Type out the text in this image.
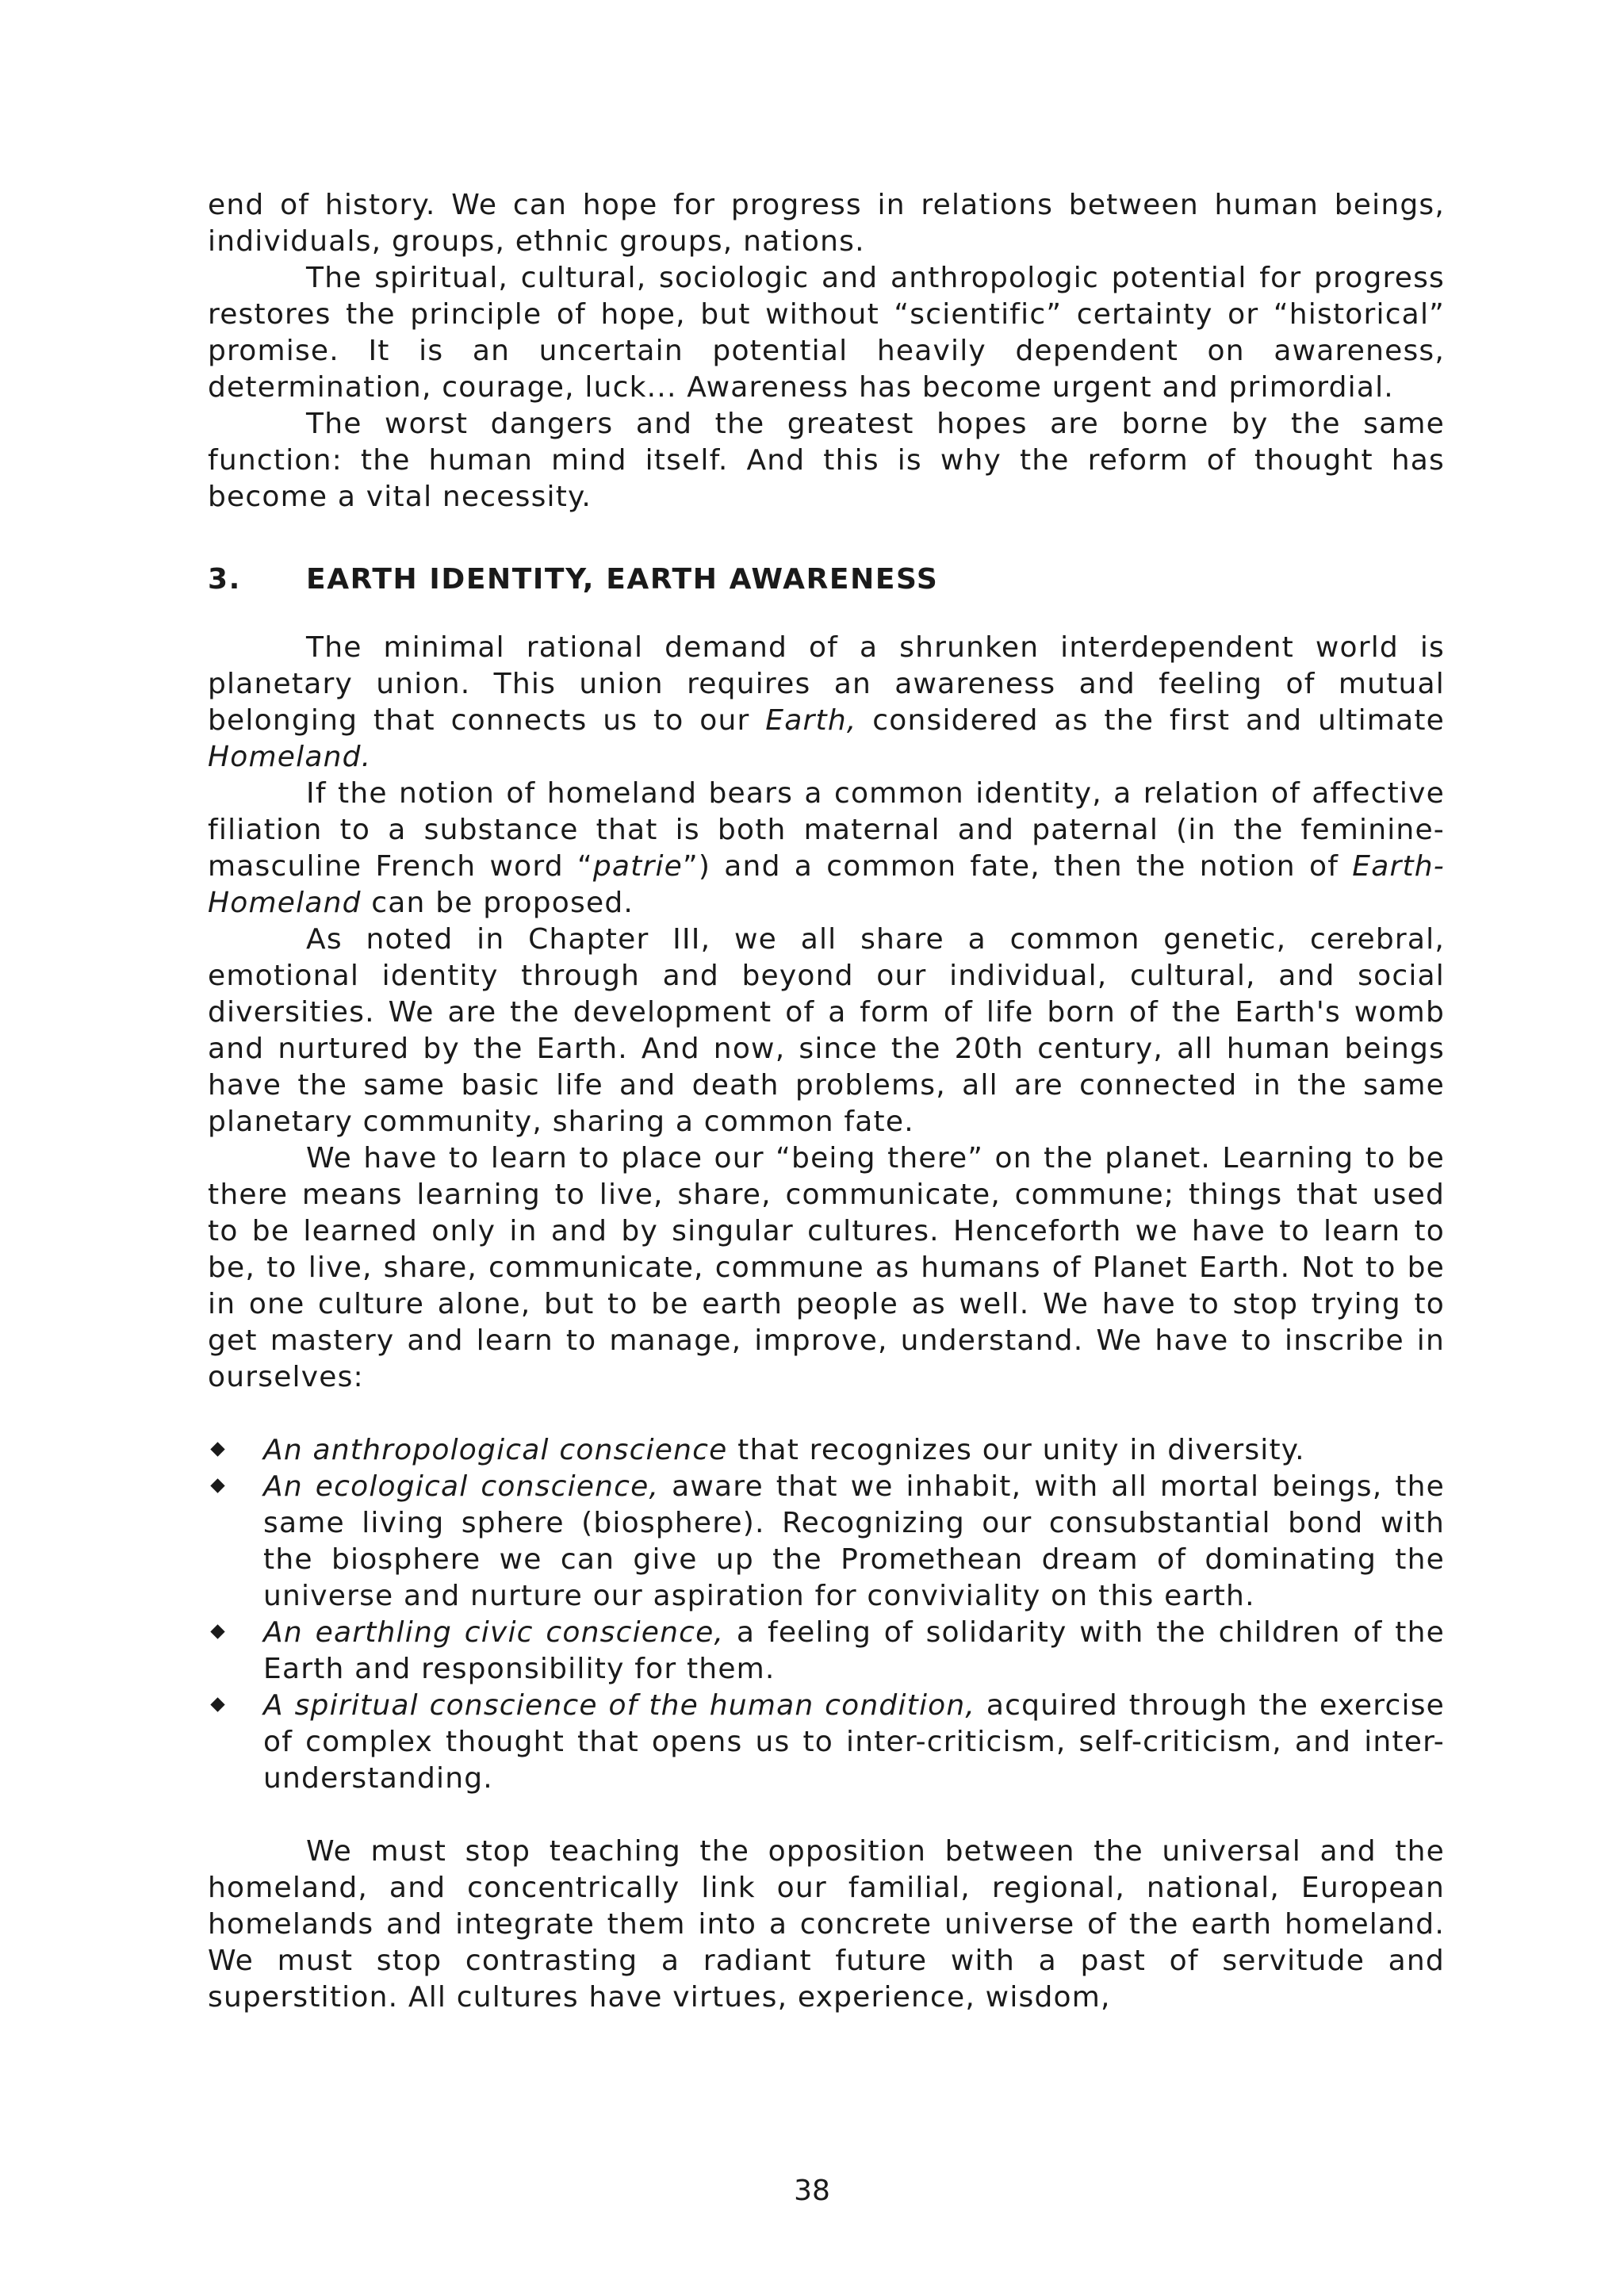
end of history. We can hope for progress in relations between human beings, individuals, groups, ethnic groups, nations.

The spiritual, cultural, sociologic and anthropologic potential for progress restores the principle of hope, but without “scientific” certainty or “historical” promise. It is an uncertain potential heavily dependent on awareness, determination, courage, luck... Awareness has become urgent and primordial.

The worst dangers and the greatest hopes are borne by the same function: the human mind itself. And this is why the reform of thought has become a vital necessity.

3.	EARTH IDENTITY, EARTH AWARENESS

The minimal rational demand of a shrunken interdependent world is planetary union. This union requires an awareness and feeling of mutual belonging that connects us to our Earth, considered as the first and ultimate Homeland.

If the notion of homeland bears a common identity, a relation of affective filiation to a substance that is both maternal and paternal (in the feminine-masculine French word “patrie”) and a common fate, then the notion of Earth-Homeland can be proposed.

As noted in Chapter III, we all share a common genetic, cerebral, emotional identity through and beyond our individual, cultural, and social diversities. We are the development of a form of life born of the Earth's womb and nurtured by the Earth. And now, since the 20th century, all human beings have the same basic life and death problems, all are connected in the same planetary community, sharing a common fate.

We have to learn to place our “being there” on the planet. Learning to be there means learning to live, share, communicate, commune; things that used to be learned only in and by singular cultures. Henceforth we have to learn to be, to live, share, communicate, commune as humans of Planet Earth. Not to be in one culture alone, but to be earth people as well. We have to stop trying to get mastery and learn to manage, improve, understand. We have to inscribe in ourselves:

An anthropological conscience that recognizes our unity in diversity.
An ecological conscience, aware that we inhabit, with all mortal beings, the same living sphere (biosphere). Recognizing our consubstantial bond with the biosphere we can give up the Promethean dream of dominating the universe and nurture our aspiration for conviviality on this earth.
An earthling civic conscience, a feeling of solidarity with the children of the Earth and responsibility for them.
A spiritual conscience of the human condition, acquired through the exercise of complex thought that opens us to inter-criticism, self-criticism, and inter-understanding.

We must stop teaching the opposition between the universal and the homeland, and concentrically link our familial, regional, national, European homelands and integrate them into a concrete universe of the earth homeland. We must stop contrasting a radiant future with a past of servitude and superstition. All cultures have virtues, experience, wisdom,

38
